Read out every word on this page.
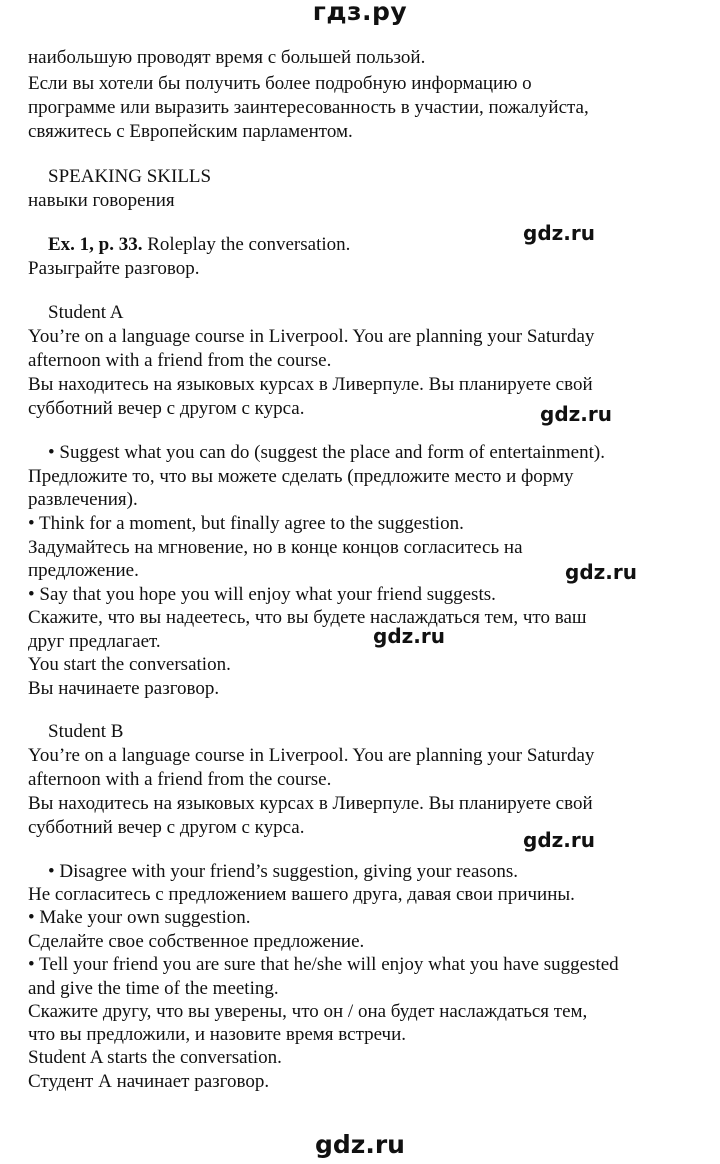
гдз.ру
наибольшую проводят время с большей пользой.
Если вы хотели бы получить более подробную информацию о
программе или выразить заинтересованность в участии, пожалуйста,
свяжитесь с Европейским парламентом.
SPEAKING SKILLS
навыки говорения
Ex. 1, p. 33. Roleplay the conversation.	gdz.ru
Разыграйте разговор.
Student A
You’re on a language course in Liverpool. You are planning your Saturday
afternoon with a friend from the course.
Вы находитесь на языковых курсах в Ливерпуле. Вы планируете свой
субботний вечер с другом с курса.	gdz.ru
• Suggest what you can do (suggest the place and form of entertainment).
Предложите то, что вы можете сделать (предложите место и форму
развлечения).
• Think for a moment, but finally agree to the suggestion.
Задумайтесь на мгновение, но в конце концов согласитесь на
предложение.	gdz.ru
• Say that you hope you will enjoy what your friend suggests.
Скажите, что вы надеетесь, что вы будете наслаждаться тем, что ваш
друг предлагает.	gdz.ru
You start the conversation.
Вы начинаете разговор.
Student B
You’re on a language course in Liverpool. You are planning your Saturday
afternoon with a friend from the course.
Вы находитесь на языковых курсах в Ливерпуле. Вы планируете свой
субботний вечер с другом с курса.
gdz.ru
• Disagree with your friend’s suggestion, giving your reasons.
Не согласитесь с предложением вашего друга, давая свои причины.
• Make your own suggestion.
Сделайте свое собственное предложение.
• Tell your friend you are sure that he/she will enjoy what you have suggested
and give the time of the meeting.
Скажите другу, что вы уверены, что он / она будет наслаждаться тем,
что вы предложили, и назовите время встречи.
Student A starts the conversation.
Студент А начинает разговор.
gdz.ru
